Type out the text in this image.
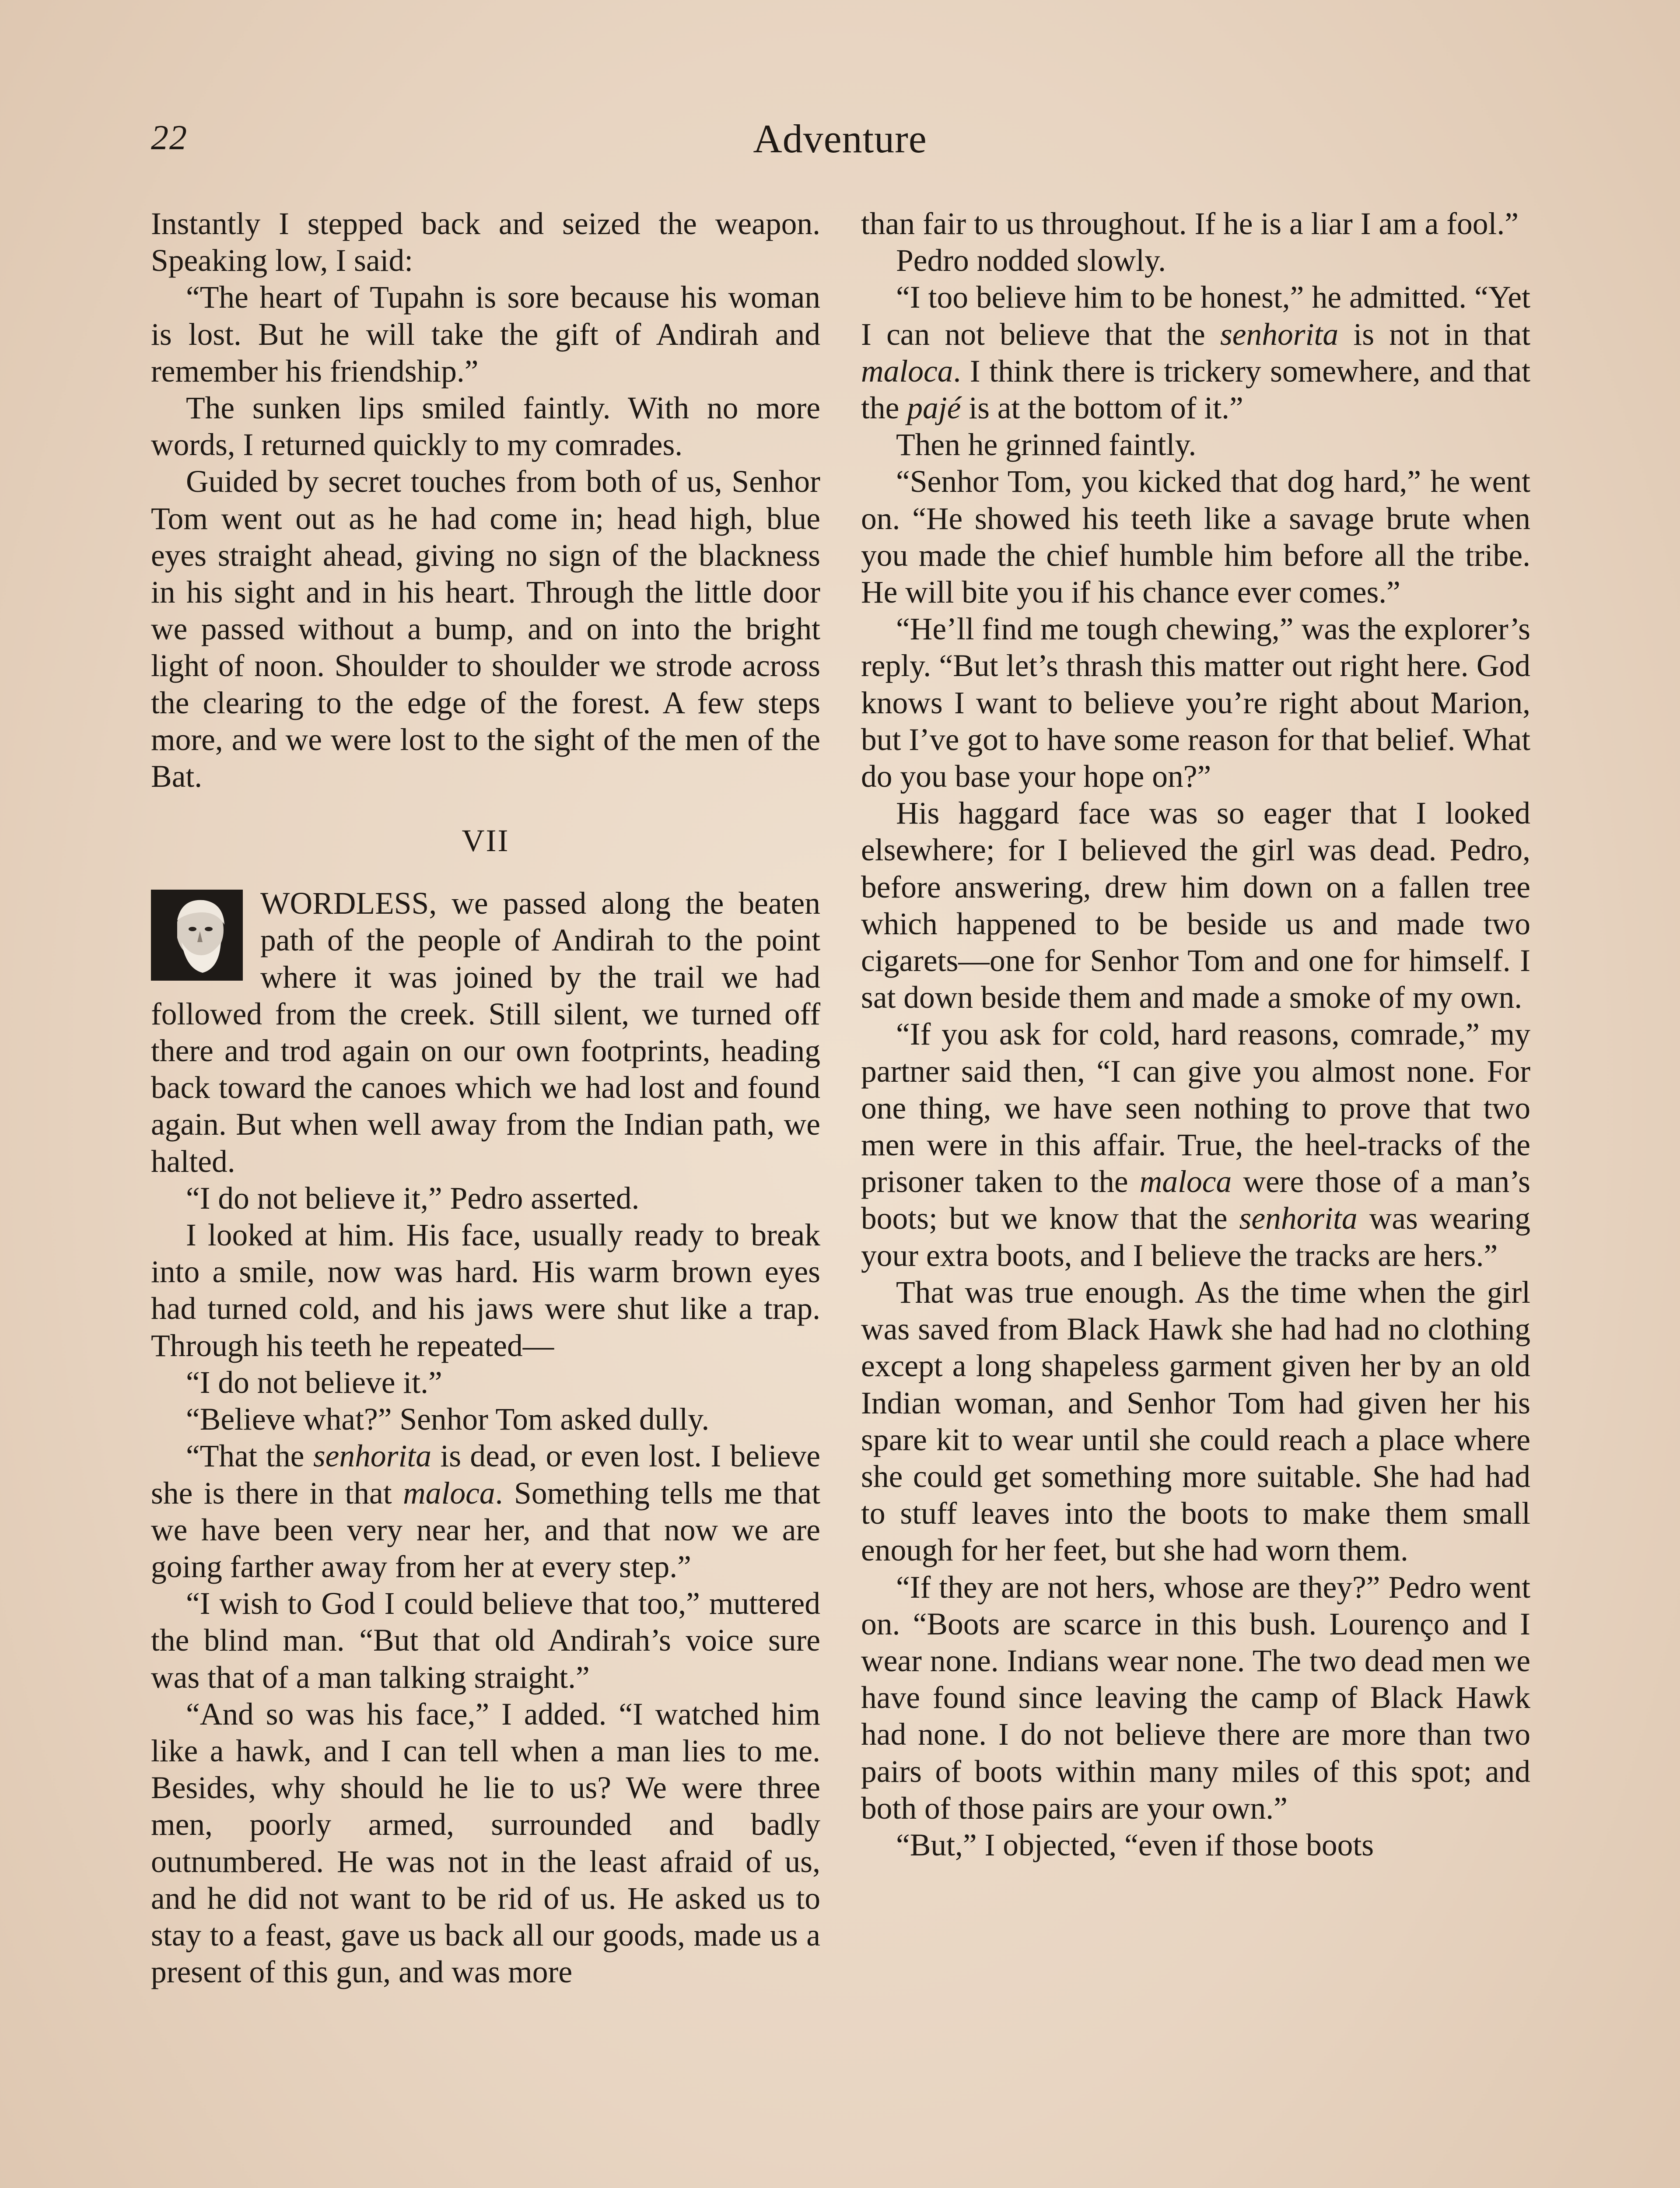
22	Adventure

Instantly I stepped back and seized the weapon. Speaking low, I said:

“The heart of Tupahn is sore because his woman is lost. But he will take the gift of Andirah and remember his friendship.”

The sunken lips smiled faintly. With no more words, I returned quickly to my comrades.

Guided by secret touches from both of us, Senhor Tom went out as he had come in; head high, blue eyes straight ahead, giving no sign of the blackness in his sight and in his heart. Through the little door we passed without a bump, and on into the bright light of noon. Shoulder to shoulder we strode across the clearing to the edge of the forest. A few steps more, and we were lost to the sight of the men of the Bat.

VII

WORDLESS, we passed along the beaten path of the people of Andirah to the point where it was joined by the trail we had followed from the creek. Still silent, we turned off there and trod again on our own footprints, heading back toward the canoes which we had lost and found again. But when well away from the Indian path, we halted.

“I do not believe it,” Pedro asserted.

I looked at him. His face, usually ready to break into a smile, now was hard. His warm brown eyes had turned cold, and his jaws were shut like a trap. Through his teeth he repeated—

“I do not believe it.”

“Believe what?” Senhor Tom asked dully.

“That the senhorita is dead, or even lost. I believe she is there in that maloca. Something tells me that we have been very near her, and that now we are going farther away from her at every step.”

“I wish to God I could believe that too,” muttered the blind man. “But that old Andirah’s voice sure was that of a man talking straight.”

“And so was his face,” I added. “I watched him like a hawk, and I can tell when a man lies to me. Besides, why should he lie to us? We were three men, poorly armed, surrounded and badly outnumbered. He was not in the least afraid of us, and he did not want to be rid of us. He asked us to stay to a feast, gave us back all our goods, made us a present of this gun, and was more

than fair to us throughout. If he is a liar I am a fool.”

Pedro nodded slowly.

“I too believe him to be honest,” he admitted. “Yet I can not believe that the senhorita is not in that maloca. I think there is trickery somewhere, and that the pajé is at the bottom of it.”

Then he grinned faintly.

“Senhor Tom, you kicked that dog hard,” he went on. “He showed his teeth like a savage brute when you made the chief humble him before all the tribe. He will bite you if his chance ever comes.”

“He’ll find me tough chewing,” was the explorer’s reply. “But let’s thrash this matter out right here. God knows I want to believe you’re right about Marion, but I’ve got to have some reason for that belief. What do you base your hope on?”

His haggard face was so eager that I looked elsewhere; for I believed the girl was dead. Pedro, before answering, drew him down on a fallen tree which happened to be beside us and made two cigarets—one for Senhor Tom and one for himself. I sat down beside them and made a smoke of my own.

“If you ask for cold, hard reasons, comrade,” my partner said then, “I can give you almost none. For one thing, we have seen nothing to prove that two men were in this affair. True, the heel-tracks of the prisoner taken to the maloca were those of a man’s boots; but we know that the senhorita was wearing your extra boots, and I believe the tracks are hers.”

That was true enough. As the time when the girl was saved from Black Hawk she had had no clothing except a long shapeless garment given her by an old Indian woman, and Senhor Tom had given her his spare kit to wear until she could reach a place where she could get something more suitable. She had had to stuff leaves into the boots to make them small enough for her feet, but she had worn them.

“If they are not hers, whose are they?” Pedro went on. “Boots are scarce in this bush. Lourenço and I wear none. Indians wear none. The two dead men we have found since leaving the camp of Black Hawk had none. I do not believe there are more than two pairs of boots within many miles of this spot; and both of those pairs are your own.”

“But,” I objected, “even if those boots
